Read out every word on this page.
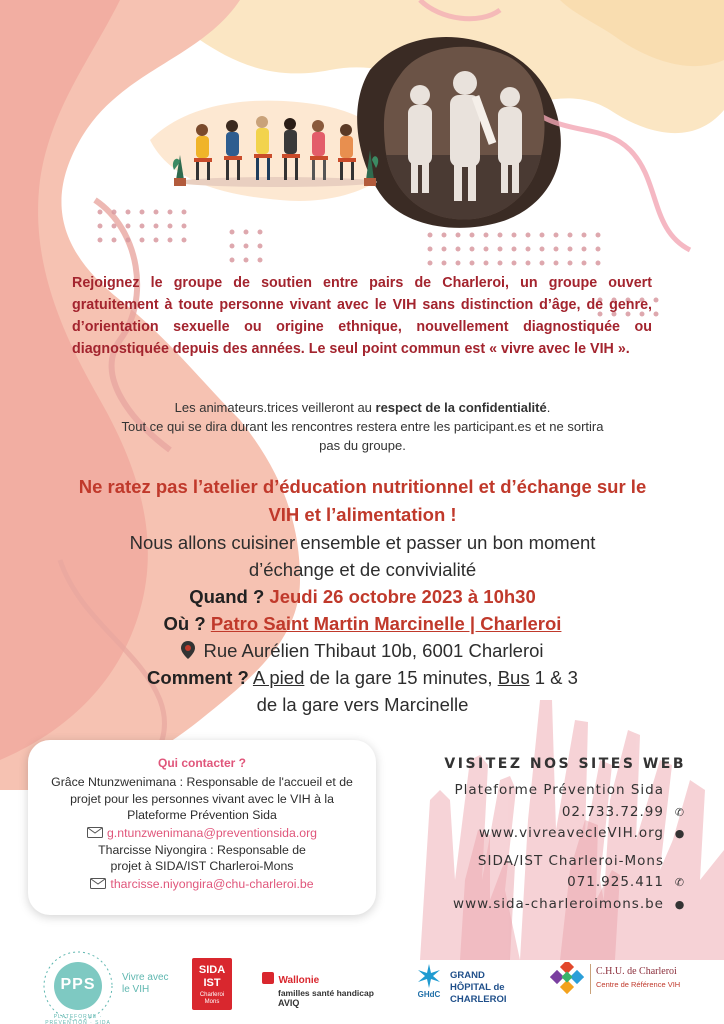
Rejoignez le groupe de soutien entre pairs de Charleroi, un groupe ouvert gratuitement à toute personne vivant avec le VIH sans distinction d’âge, de genre, d’orientation sexuelle ou origine ethnique, nouvellement diagnostiquée ou diagnostiquée depuis des années. Le seul point commun est « vivre avec le VIH ».

Les animateurs.trices veilleront au respect de la confidentialité.
Tout ce qui se dira durant les rencontres restera entre les participant.es et ne sortira pas du groupe.
Ne ratez pas l’atelier d’éducation nutritionnel et d’échange sur le VIH et l’alimentation !
Nous allons cuisiner ensemble et passer un bon moment d’échange et de convivialité
Quand ? Jeudi 26 octobre 2023 à 10h30
Où ? Patro Saint Martin Marcinelle | Charleroi
Rue Aurélien Thibaut 10b, 6001 Charleroi
Comment ? A pied de la gare 15 minutes, Bus 1 & 3
de la gare vers Marcinelle
Qui contacter ?
Grâce Ntunzwenimana : Responsable de l'accueil et de projet pour les personnes vivant avec le VIH à la Plateforme Prévention Sida
g.ntunzwenimana@preventionsida.org
Tharcisse Niyongira : Responsable de projet à SIDA/IST Charleroi-Mons
tharcisse.niyongira@chu-charleroi.be
VISITEZ NOS SITES WEB
Plateforme Prévention Sida
02.733.72.99 ✆
www.vivreavecleVIH.org ●
SIDA/IST Charleroi-Mons
071.925.411 ✆
www.sida-charleroimons.be ●
PPS
PLATEFORME · PRÉVENTION · SIDA
Vivre avec le VIH
SIDA IST
Charleroi Mons
Wallonie
familles santé handicap
AVIQ
GHdC
GRAND HÔPITAL de CHARLEROI
C.H.U. de Charleroi
Centre de Référence VIH
